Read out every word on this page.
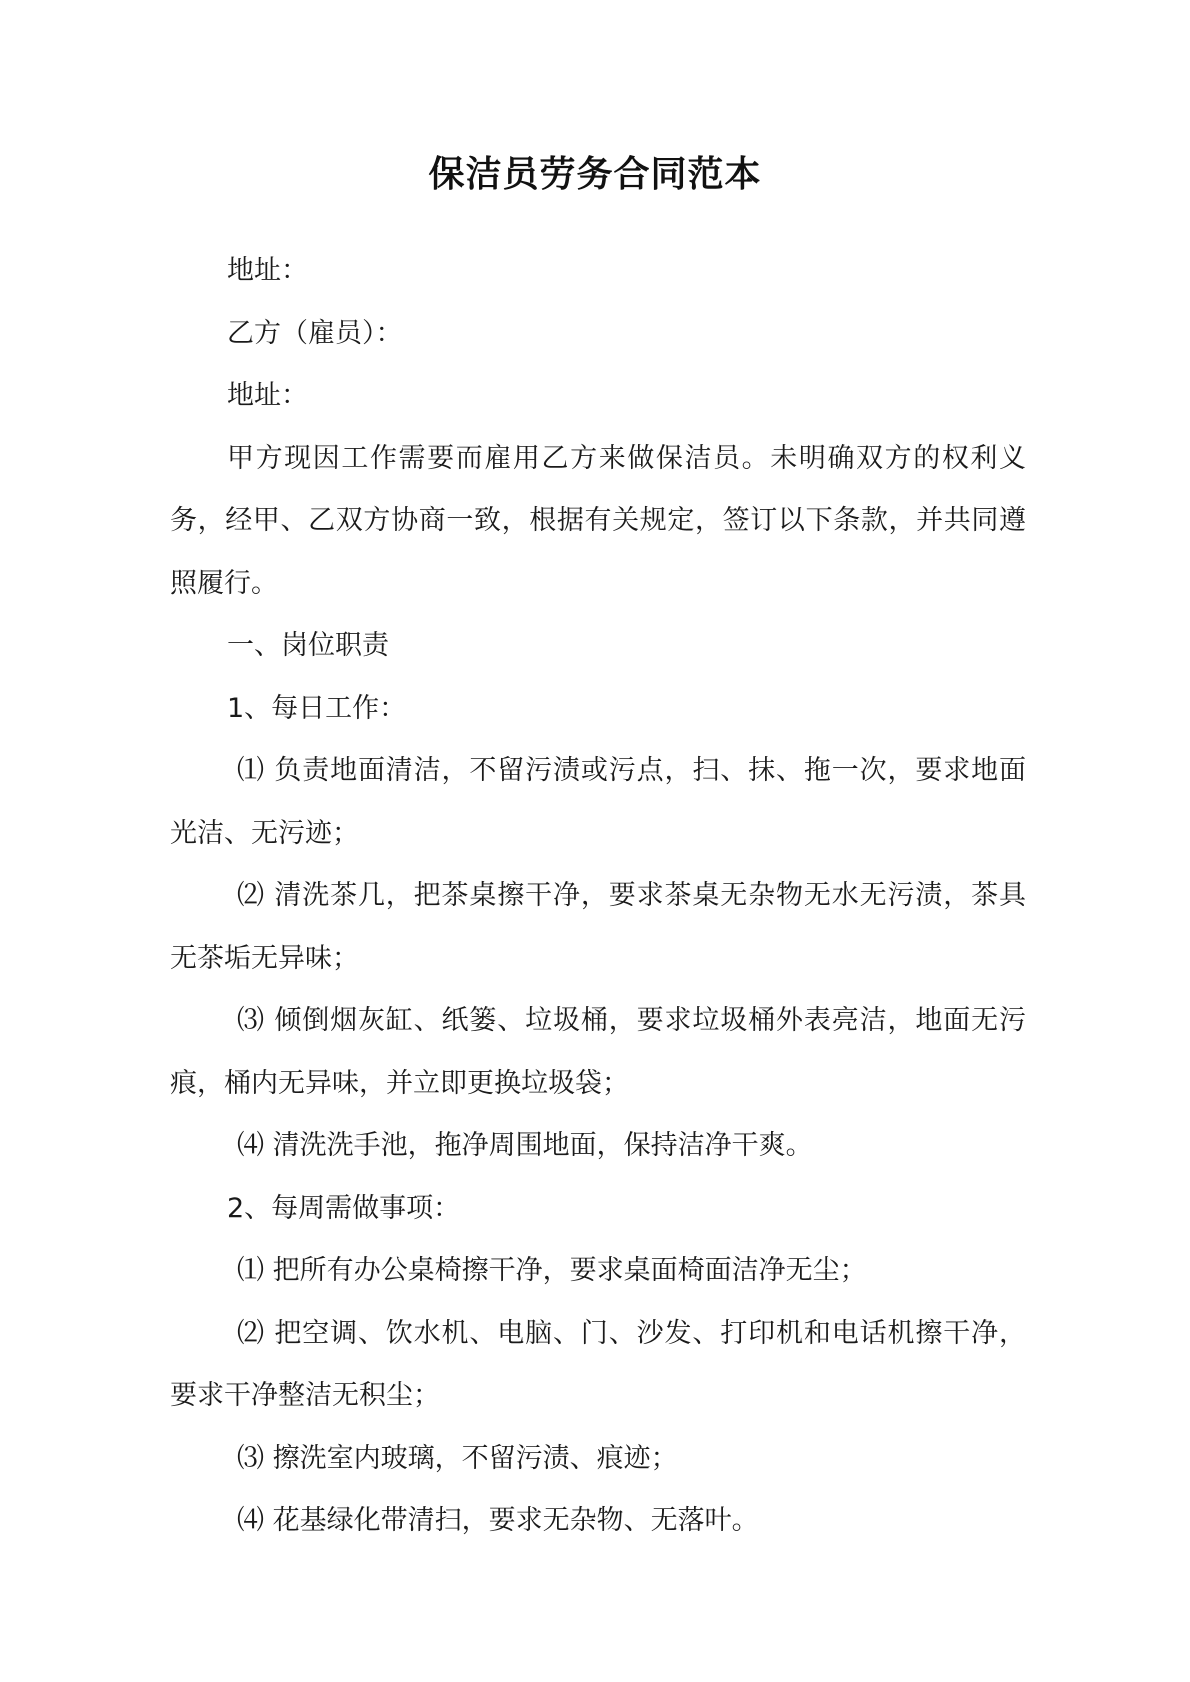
保洁员劳务合同范本

地址：

乙方（雇员）：

地址：

甲方现因工作需要而雇用乙方来做保洁员。未明确双方的权利义务，经甲、乙双方协商一致，根据有关规定，签订以下条款，并共同遵照履行。

一、岗位职责

1、每日工作：

⑴ 负责地面清洁，不留污渍或污点，扫、抹、拖一次，要求地面光洁、无污迹；

⑵ 清洗茶几，把茶桌擦干净，要求茶桌无杂物无水无污渍，茶具无茶垢无异味；

⑶ 倾倒烟灰缸、纸篓、垃圾桶，要求垃圾桶外表亮洁，地面无污痕，桶内无异味，并立即更换垃圾袋；

⑷ 清洗洗手池，拖净周围地面，保持洁净干爽。

2、每周需做事项：

⑴ 把所有办公桌椅擦干净，要求桌面椅面洁净无尘；

⑵ 把空调、饮水机、电脑、门、沙发、打印机和电话机擦干净，要求干净整洁无积尘；

⑶ 擦洗室内玻璃，不留污渍、痕迹；

⑷ 花基绿化带清扫，要求无杂物、无落叶。
